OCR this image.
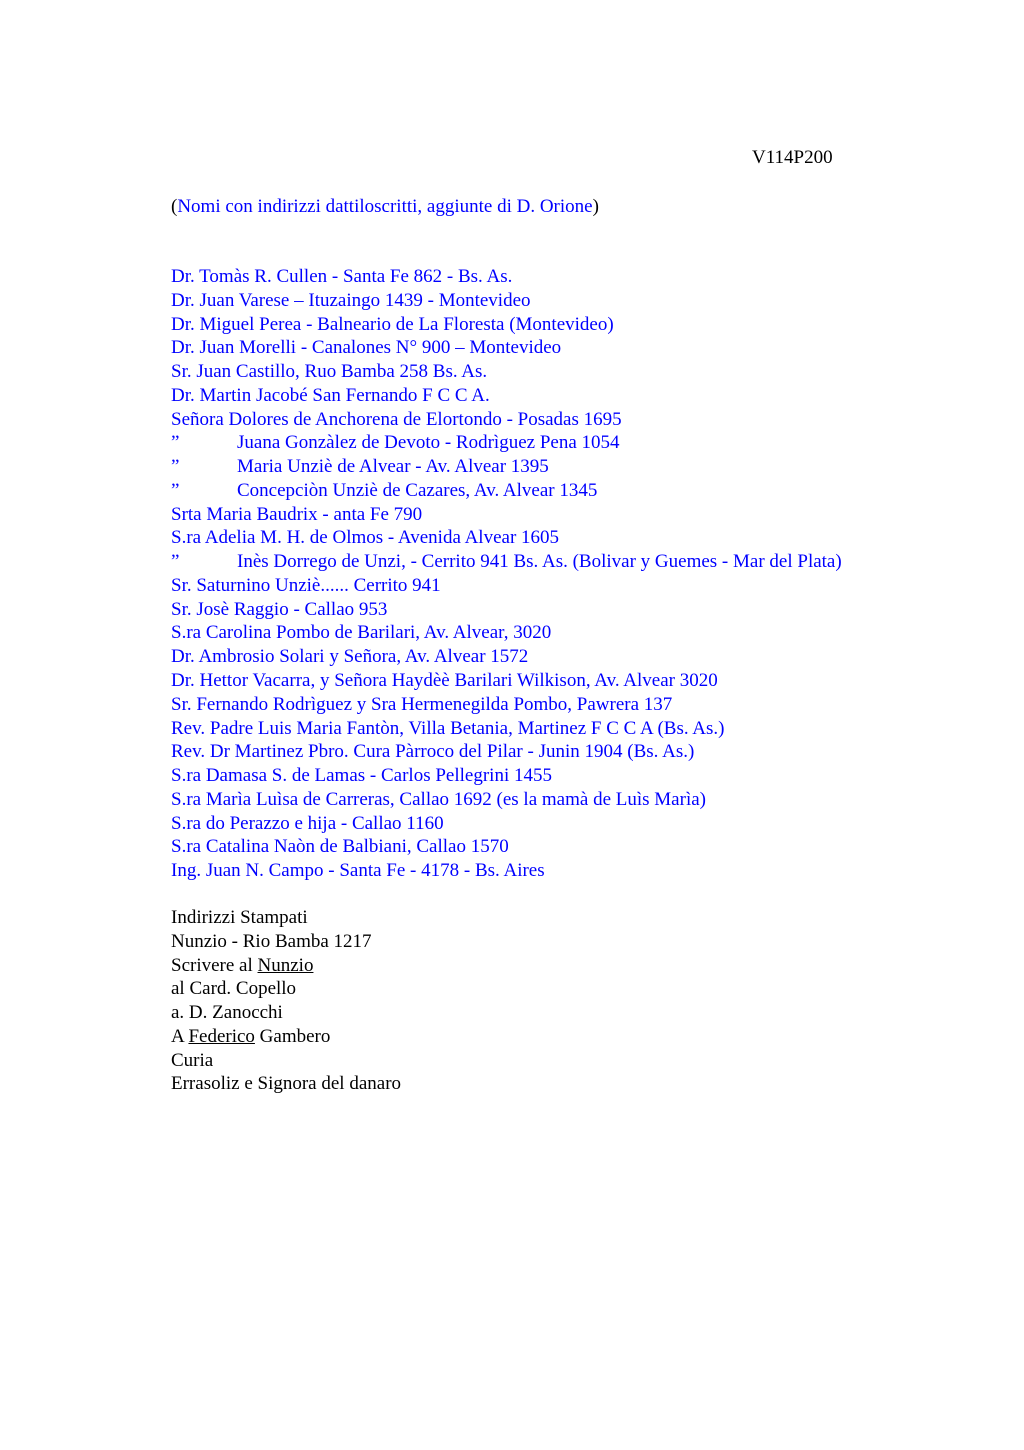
V114P200
(Nomi con indirizzi dattiloscritti, aggiunte di D. Orione)
Dr. Tomàs R. Cullen - Santa Fe 862 - Bs. As.
Dr. Juan Varese – Ituzaingo 1439 - Montevideo
Dr. Miguel Perea - Balneario de La Floresta (Montevideo)
Dr. Juan Morelli - Canalones N° 900 – Montevideo
Sr. Juan Castillo, Ruo Bamba 258 Bs. As.
Dr. Martin Jacobé San Fernando F C C A.
Señora Dolores de Anchorena de Elortondo - Posadas 1695
”	Juana Gonzàlez de Devoto - Rodrìguez Pena 1054
”	Maria Unziè de Alvear - Av. Alvear 1395
”	Concepciòn Unziè de Cazares, Av. Alvear 1345
Srta Maria Baudrix - anta Fe 790
S.ra Adelia M. H. de Olmos - Avenida Alvear 1605
”	Inès Dorrego de Unzi, - Cerrito 941 Bs. As. (Bolivar y Guemes - Mar del Plata)
Sr. Saturnino Unziè...... Cerrito 941
Sr. Josè Raggio - Callao 953
S.ra Carolina Pombo de Barilari, Av. Alvear, 3020
Dr. Ambrosio Solari y Señora, Av. Alvear 1572
Dr. Hettor Vacarra, y Señora Haydèè Barilari Wilkison, Av. Alvear 3020
Sr. Fernando Rodrìguez y Sra Hermenegilda Pombo, Pawrera 137
Rev. Padre Luis Maria Fantòn, Villa Betania, Martinez F C C A (Bs. As.)
Rev. Dr Martinez Pbro. Cura Pàrroco del Pilar - Junin 1904 (Bs. As.)
S.ra Damasa S. de Lamas - Carlos Pellegrini 1455
S.ra Marìa Luìsa de Carreras, Callao 1692 (es la mamà de Luìs Marìa)
S.ra do Perazzo e hija - Callao 1160
S.ra Catalina Naòn de Balbiani, Callao 1570
Ing. Juan N. Campo - Santa Fe - 4178 - Bs. Aires
Indirizzi Stampati
Nunzio - Rio Bamba 1217
Scrivere al Nunzio
al Card. Copello
a. D. Zanocchi
A Federico Gambero
Curia
Errasoliz e Signora del danaro
